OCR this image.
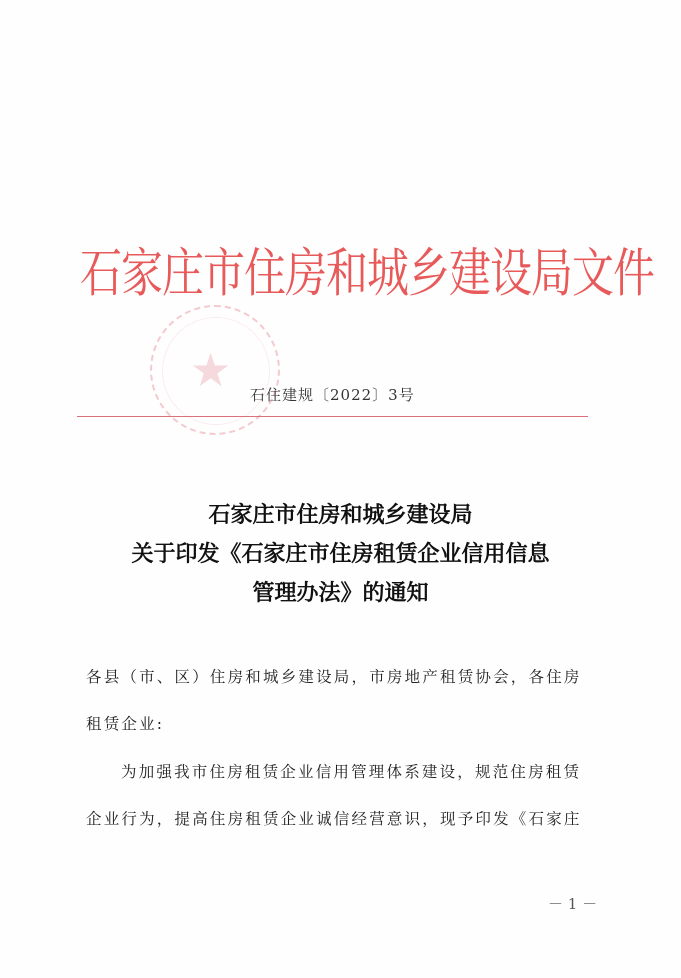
石家庄市住房和城乡建设局文件
★ 石住建规〔2022〕3号
石家庄市住房和城乡建设局
关于印发《石家庄市住房租赁企业信用信息
管理办法》的通知
各县（市、区）住房和城乡建设局，市房地产租赁协会，各住房
租赁企业:
为加强我市住房租赁企业信用管理体系建设，规范住房租赁
企业行为，提高住房租赁企业诚信经营意识，现予印发《石家庄
－ 1 －
